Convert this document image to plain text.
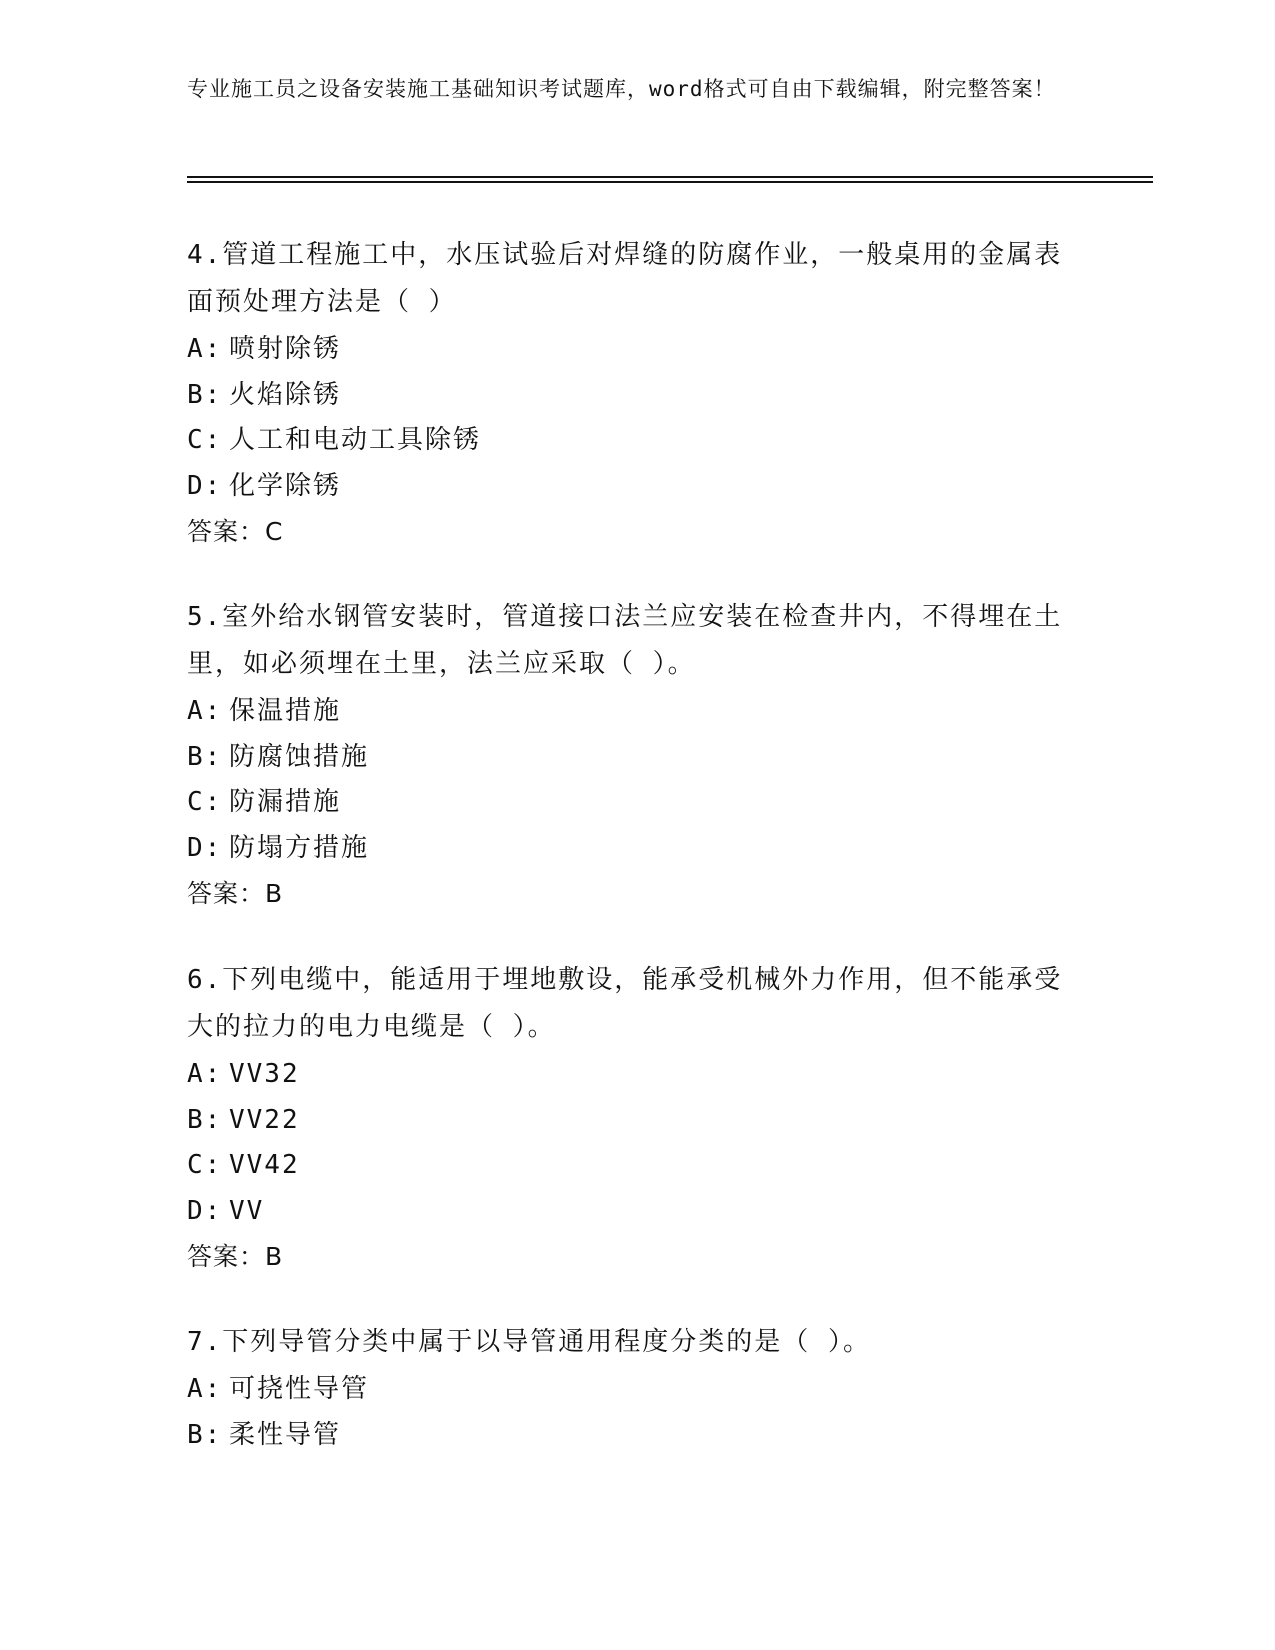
专业施工员之设备安装施工基础知识考试题库，word格式可自由下载编辑，附完整答案！
4.管道工程施工中，水压试验后对焊缝的防腐作业，一般桌用的金属表面预处理方法是（ ）
A: 喷射除锈
B: 火焰除锈
C: 人工和电动工具除锈
D: 化学除锈
答案：C
5.室外给水钢管安装时，管道接口法兰应安装在检查井内，不得埋在土里，如必须埋在土里，法兰应采取（ ）。
A: 保温措施
B: 防腐蚀措施
C: 防漏措施
D: 防塌方措施
答案：B
6.下列电缆中，能适用于埋地敷设，能承受机械外力作用，但不能承受大的拉力的电力电缆是（ ）。
A: VV32
B: VV22
C: VV42
D: VV
答案：B
7.下列导管分类中属于以导管通用程度分类的是（ ）。
A: 可挠性导管
B: 柔性导管
